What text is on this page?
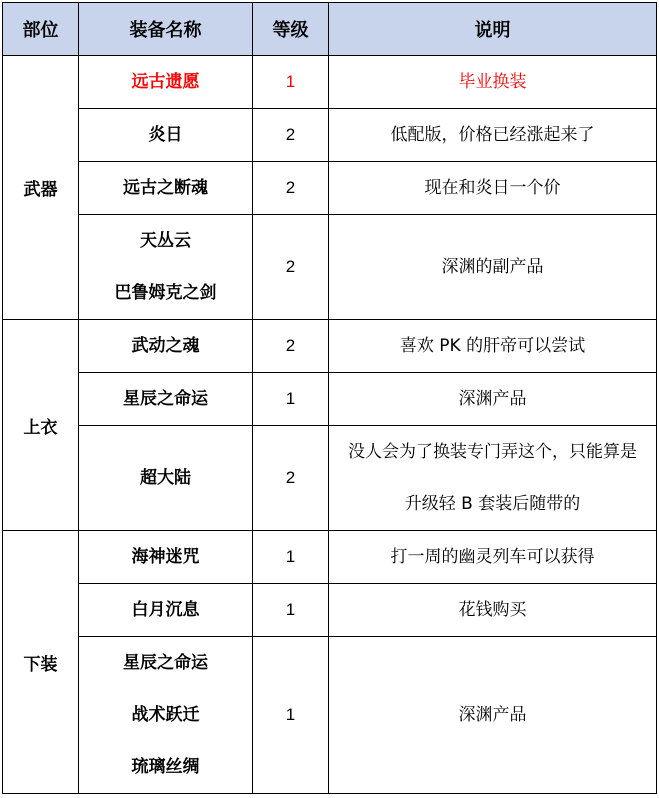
部位	装备名称	等级	说明
武器	远古遗愿	1	毕业换装

	炎日	2	低配版，价格已经涨起来了

	远古之断魂	2	现在和炎日一个价

	天丛云
巴鲁姆克之剑	2	深渊的副产品

上衣	武动之魂	2	喜欢 PK 的肝帝可以尝试

	星辰之命运	1	深渊产品

	超大陆	2	没人会为了换装专门弄这个，只能算是
升级轻 B 套装后随带的

下装	海神迷咒	1	打一周的幽灵列车可以获得

	白月沉息	1	花钱购买

	星辰之命运
战术跃迁
琉璃丝绸	1	深渊产品
